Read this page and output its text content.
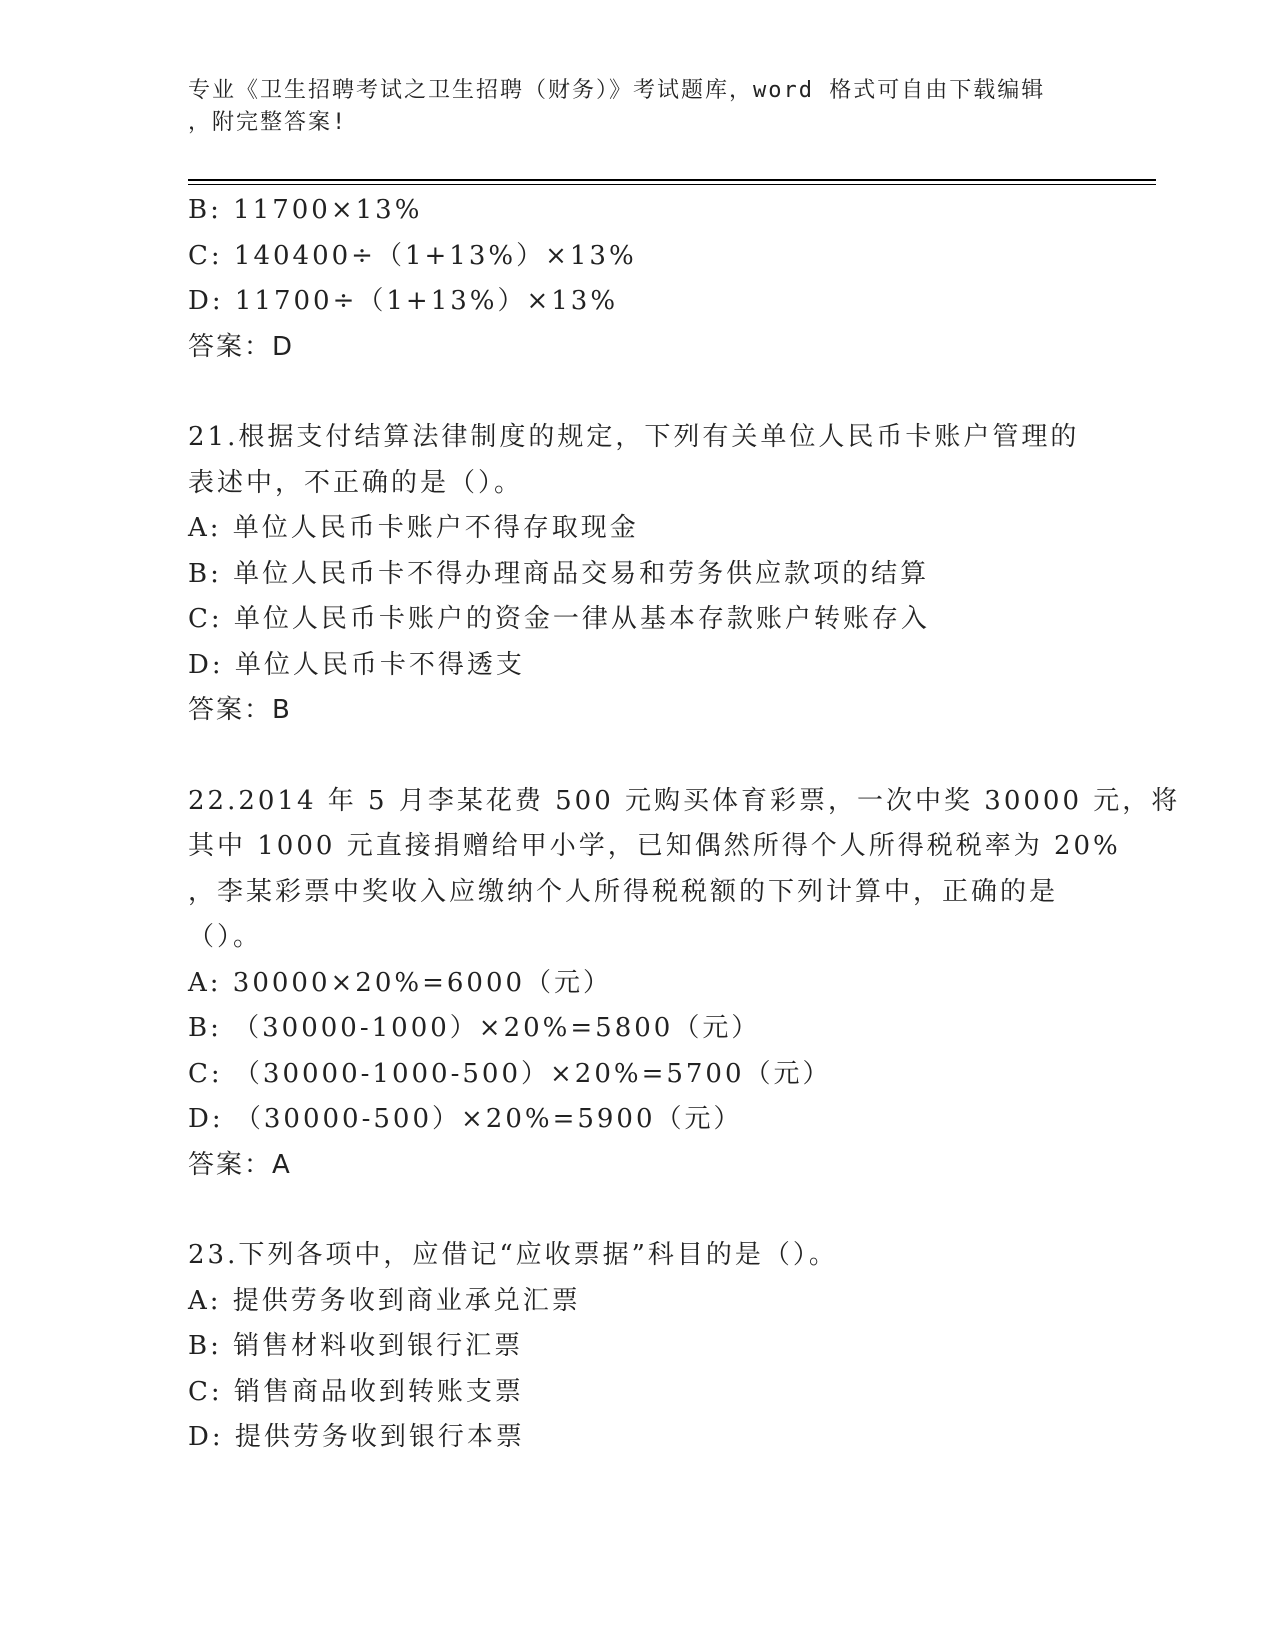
专业《卫生招聘考试之卫生招聘（财务）》考试题库，word 格式可自由下载编辑
，附完整答案!
B: 11700×13%
C: 140400÷（1+13%）×13%
D: 11700÷（1+13%）×13%
答案：D
21.根据支付结算法律制度的规定，下列有关单位人民币卡账户管理的
表述中，不正确的是（）。
A: 单位人民币卡账户不得存取现金
B: 单位人民币卡不得办理商品交易和劳务供应款项的结算
C: 单位人民币卡账户的资金一律从基本存款账户转账存入
D: 单位人民币卡不得透支
答案：B
22.2014 年 5 月李某花费 500 元购买体育彩票，一次中奖 30000 元，将
其中 1000 元直接捐赠给甲小学，已知偶然所得个人所得税税率为 20%
，李某彩票中奖收入应缴纳个人所得税税额的下列计算中，正确的是
（）。
A: 30000×20%=6000（元）
B: （30000-1000）×20%=5800（元）
C: （30000-1000-500）×20%=5700（元）
D: （30000-500）×20%=5900（元）
答案：A
23.下列各项中，应借记“应收票据”科目的是（）。
A: 提供劳务收到商业承兑汇票
B: 销售材料收到银行汇票
C: 销售商品收到转账支票
D: 提供劳务收到银行本票
